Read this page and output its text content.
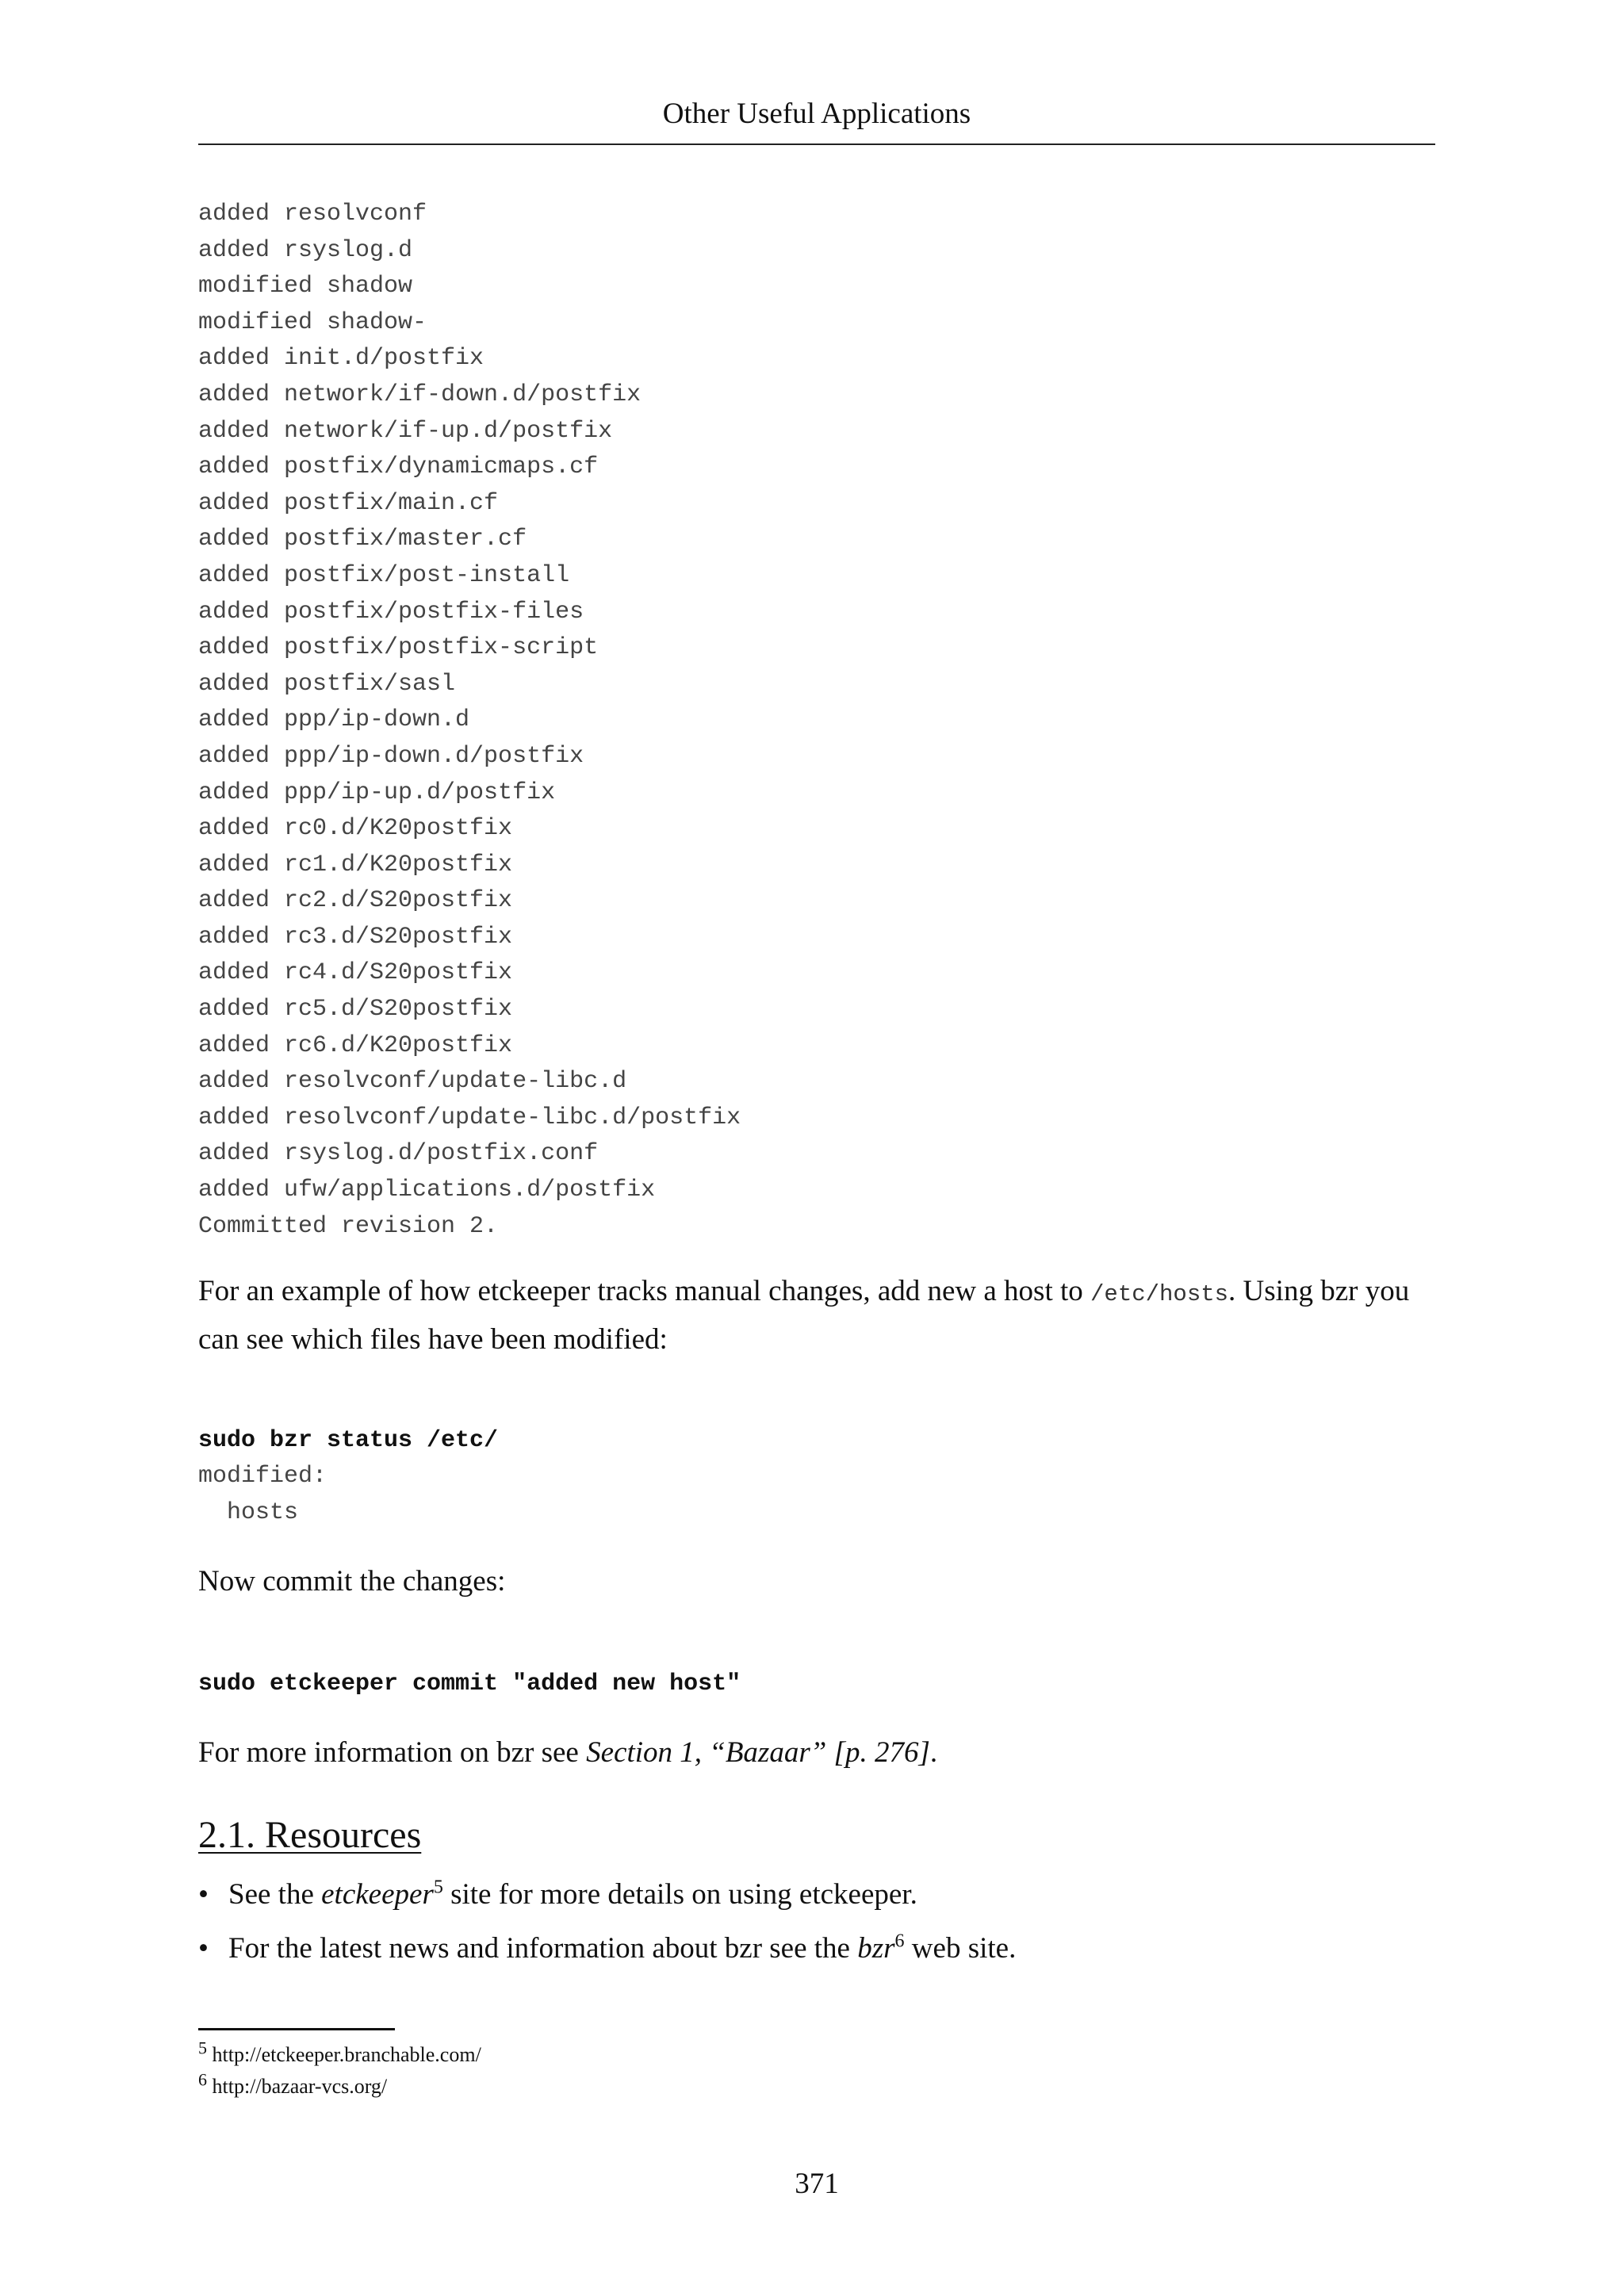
Other Useful Applications
added resolvconf
added rsyslog.d
modified shadow
modified shadow-
added init.d/postfix
added network/if-down.d/postfix
added network/if-up.d/postfix
added postfix/dynamicmaps.cf
added postfix/main.cf
added postfix/master.cf
added postfix/post-install
added postfix/postfix-files
added postfix/postfix-script
added postfix/sasl
added ppp/ip-down.d
added ppp/ip-down.d/postfix
added ppp/ip-up.d/postfix
added rc0.d/K20postfix
added rc1.d/K20postfix
added rc2.d/S20postfix
added rc3.d/S20postfix
added rc4.d/S20postfix
added rc5.d/S20postfix
added rc6.d/K20postfix
added resolvconf/update-libc.d
added resolvconf/update-libc.d/postfix
added rsyslog.d/postfix.conf
added ufw/applications.d/postfix
Committed revision 2.

For an example of how etckeeper tracks manual changes, add new a host to /etc/hosts. Using bzr you can see which files have been modified:

sudo bzr status /etc/
modified:
hosts

Now commit the changes:

sudo etckeeper commit "added new host"

For more information on bzr see Section 1, “Bazaar” [p. 276].

2.1. Resources
• See the etckeeper$^5$ site for more details on using etckeeper.
• For the latest news and information about bzr see the bzr$^6$ web site.
$^5$ http://etckeeper.branchable.com/
$^6$ http://bazaar-vcs.org/
371
